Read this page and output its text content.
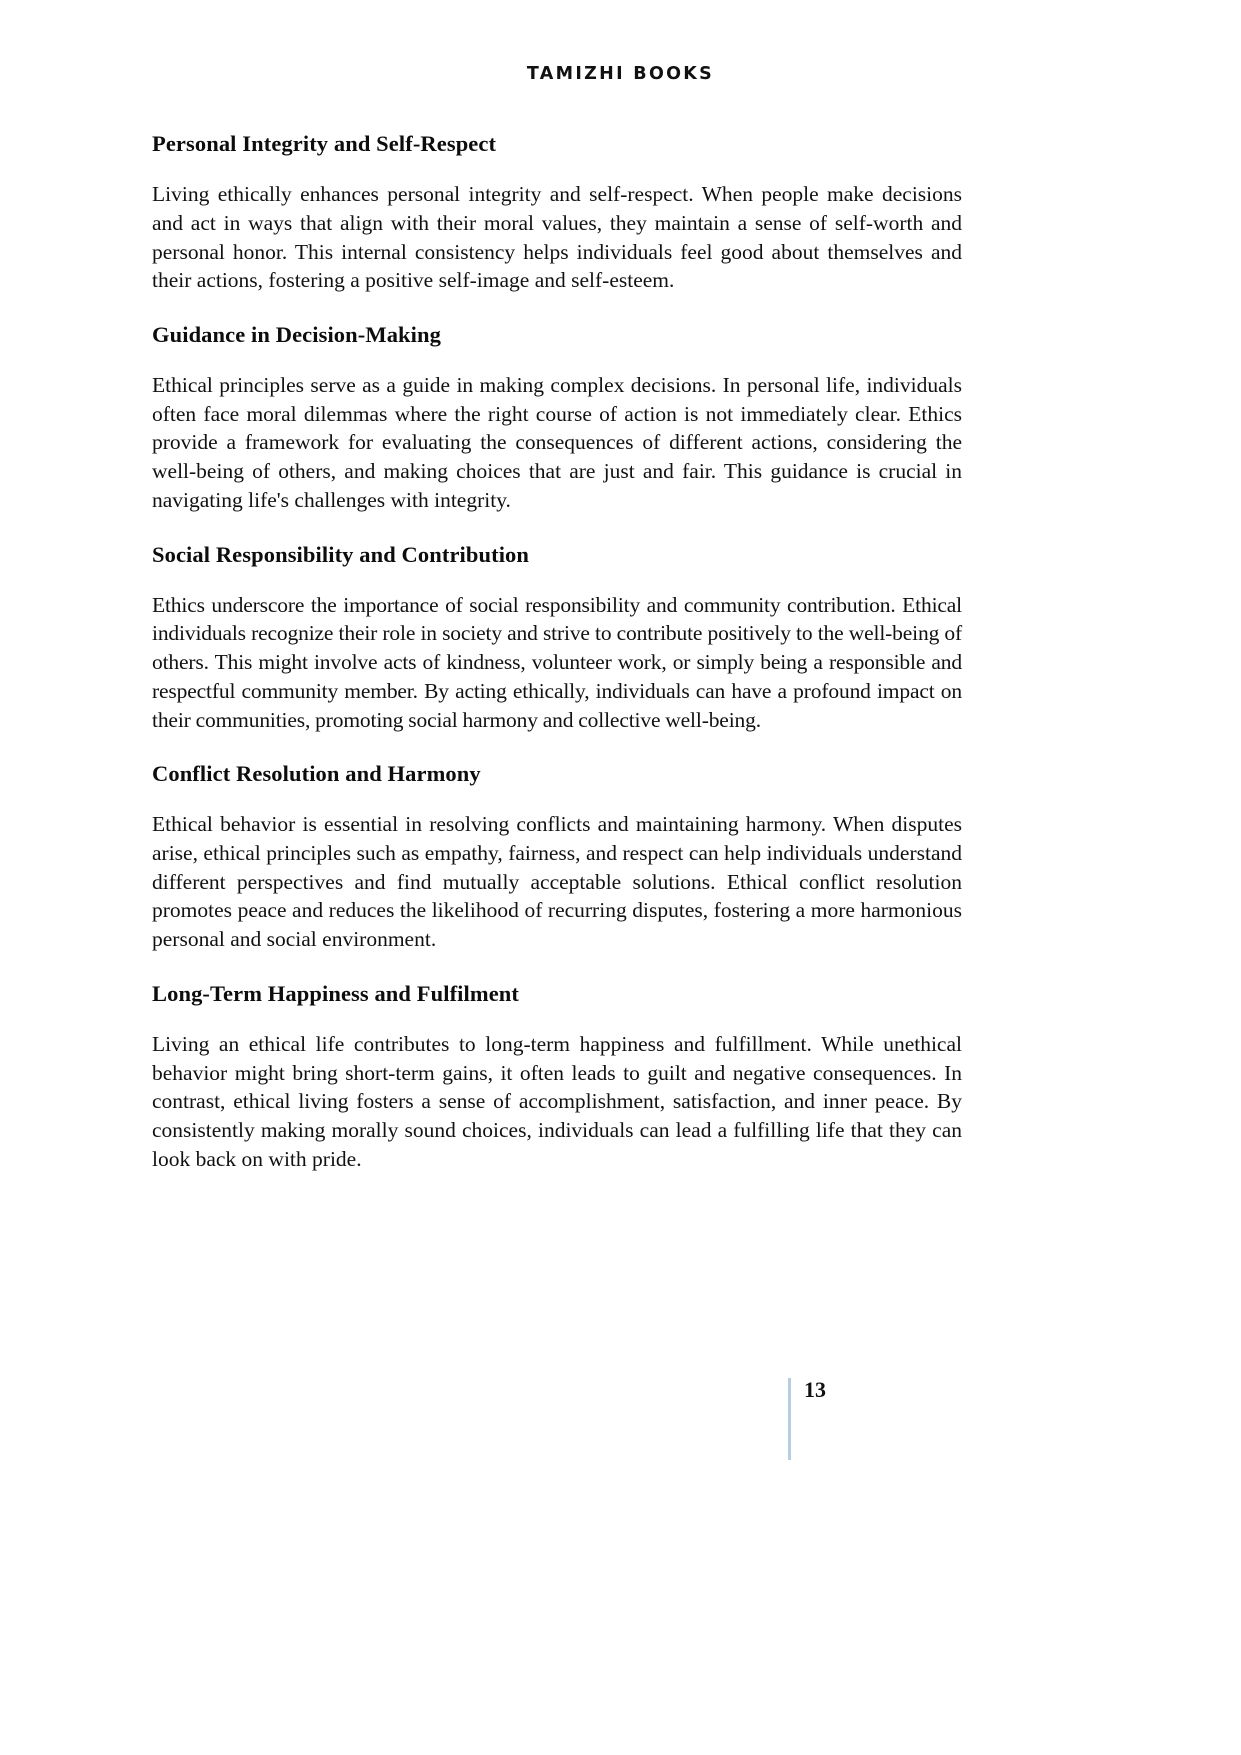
TAMIZHI BOOKS
Personal Integrity and Self-Respect

Living ethically enhances personal integrity and self-respect. When people make decisions and act in ways that align with their moral values, they maintain a sense of self-worth and personal honor. This internal consistency helps individuals feel good about themselves and their actions, fostering a positive self-image and self-esteem.

Guidance in Decision-Making

Ethical principles serve as a guide in making complex decisions. In personal life, individuals often face moral dilemmas where the right course of action is not immediately clear. Ethics provide a framework for evaluating the consequences of different actions, considering the well-being of others, and making choices that are just and fair. This guidance is crucial in navigating life's challenges with integrity.

Social Responsibility and Contribution

Ethics underscore the importance of social responsibility and community contribution. Ethical individuals recognize their role in society and strive to contribute positively to the well-being of others. This might involve acts of kindness, volunteer work, or simply being a responsible and respectful community member. By acting ethically, individuals can have a profound impact on their communities, promoting social harmony and collective well-being.

Conflict Resolution and Harmony

Ethical behavior is essential in resolving conflicts and maintaining harmony. When disputes arise, ethical principles such as empathy, fairness, and respect can help individuals understand different perspectives and find mutually acceptable solutions. Ethical conflict resolution promotes peace and reduces the likelihood of recurring disputes, fostering a more harmonious personal and social environment.

Long-Term Happiness and Fulfilment

Living an ethical life contributes to long-term happiness and fulfillment. While unethical behavior might bring short-term gains, it often leads to guilt and negative consequences. In contrast, ethical living fosters a sense of accomplishment, satisfaction, and inner peace. By consistently making morally sound choices, individuals can lead a fulfilling life that they can look back on with pride.

13
